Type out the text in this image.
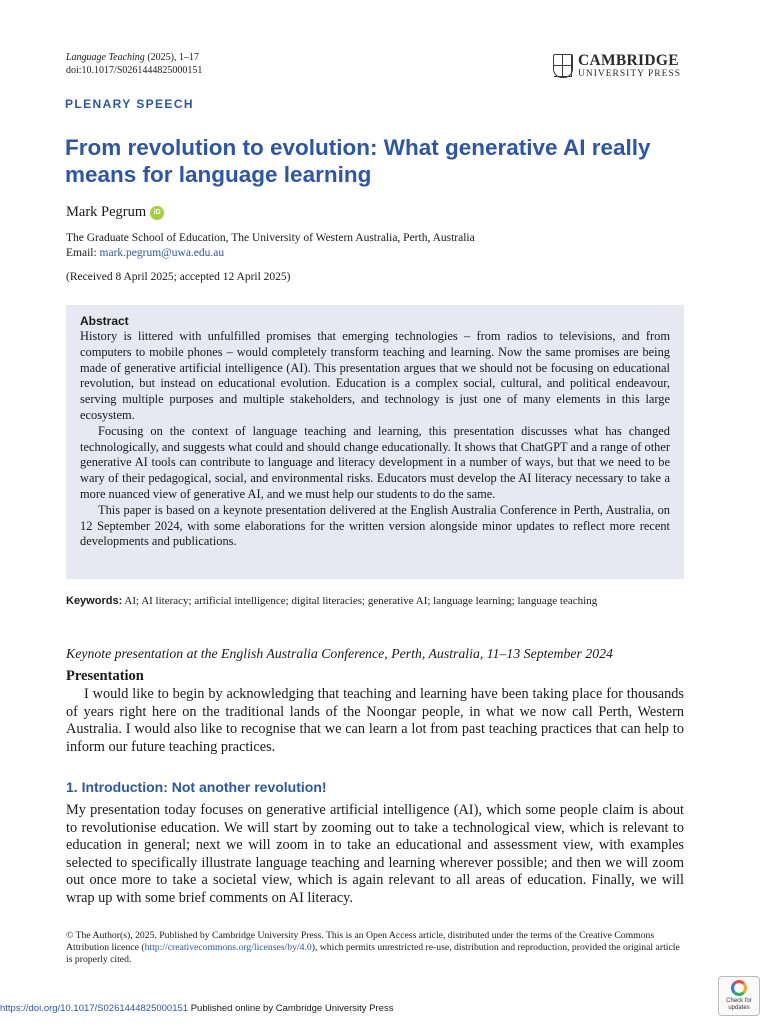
Language Teaching (2025), 1–17
doi:10.1017/S0261444825000151
CAMBRIDGE
UNIVERSITY PRESS
PLENARY SPEECH
From revolution to evolution: What generative AI really means for language learning
Mark Pegrum	iD
The Graduate School of Education, The University of Western Australia, Perth, Australia
Email: mark.pegrum@uwa.edu.au
(Received 8 April 2025; accepted 12 April 2025)
Abstract

History is littered with unfulfilled promises that emerging technologies – from radios to televisions, and from computers to mobile phones – would completely transform teaching and learning. Now the same promises are being made of generative artificial intelligence (AI). This presentation argues that we should not be focusing on educational revolution, but instead on educational evolution. Education is a complex social, cultural, and political endeavour, serving multiple purposes and multiple stakeholders, and technology is just one of many elements in this large ecosystem.

Focusing on the context of language teaching and learning, this presentation discusses what has changed technologically, and suggests what could and should change educationally. It shows that ChatGPT and a range of other generative AI tools can contribute to language and literacy development in a number of ways, but that we need to be wary of their pedagogical, social, and environmental risks. Educators must develop the AI literacy necessary to take a more nuanced view of generative AI, and we must help our students to do the same.

This paper is based on a keynote presentation delivered at the English Australia Conference in Perth, Australia, on 12 September 2024, with some elaborations for the written version alongside minor updates to reflect more recent developments and publications.

Keywords: AI; AI literacy; artificial intelligence; digital literacies; generative AI; language learning; language teaching
Keynote presentation at the English Australia Conference, Perth, Australia, 11–13 September 2024
Presentation

I would like to begin by acknowledging that teaching and learning have been taking place for thousands of years right here on the traditional lands of the Noongar people, in what we now call Perth, Western Australia. I would also like to recognise that we can learn a lot from past teaching practices that can help to inform our future teaching practices.

1. Introduction: Not another revolution!

My presentation today focuses on generative artificial intelligence (AI), which some people claim is about to revolutionise education. We will start by zooming out to take a technological view, which is relevant to education in general; next we will zoom in to take an educational and assessment view, with examples selected to specifically illustrate language teaching and learning wherever possible; and then we will zoom out once more to take a societal view, which is again relevant to all areas of education. Finally, we will wrap up with some brief comments on AI literacy.

© The Author(s), 2025. Published by Cambridge University Press. This is an Open Access article, distributed under the terms of the Creative Commons Attribution licence (http://creativecommons.org/licenses/by/4.0), which permits unrestricted re-use, distribution and reproduction, provided the original article is properly cited.
https://doi.org/10.1017/S0261444825000151 Published online by Cambridge University Press
Check for
updates
